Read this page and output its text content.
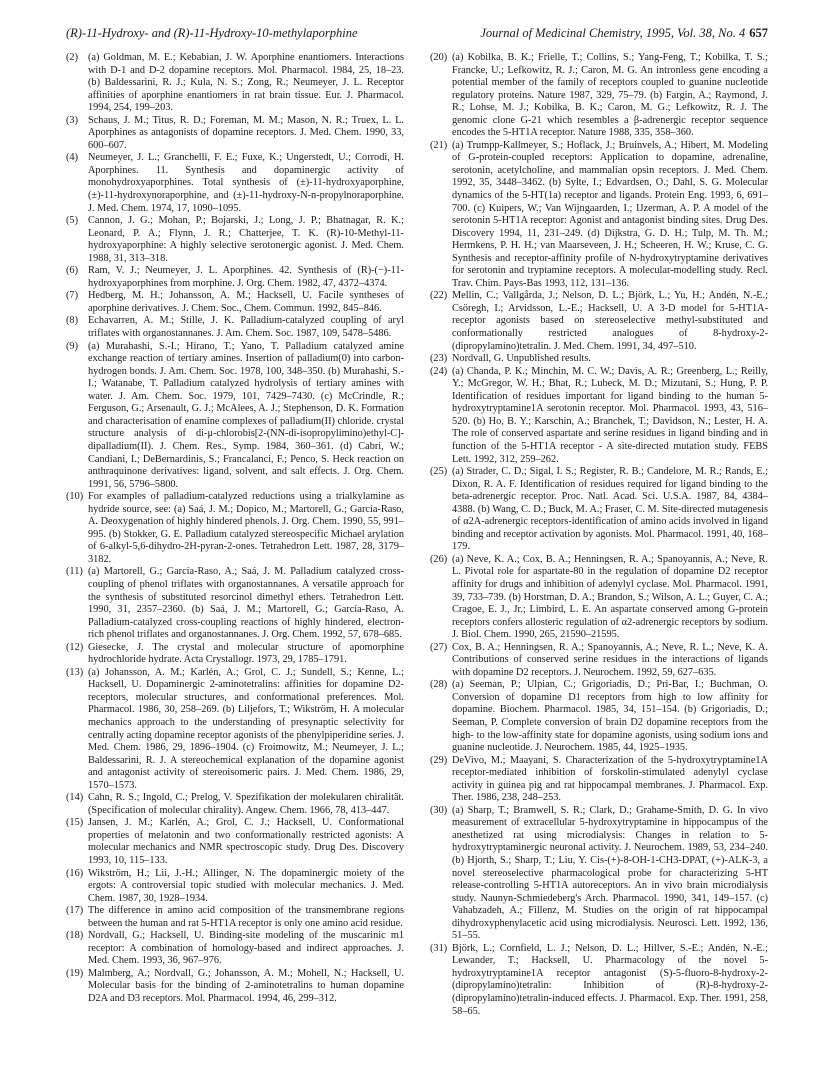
(R)-11-Hydroxy- and (R)-11-Hydroxy-10-methylaporphine	Journal of Medicinal Chemistry, 1995, Vol. 38, No. 4 657

(2) (a) Goldman, M. E.; Kebabian, J. W. Aporphine enantiomers. Interactions with D-1 and D-2 dopamine receptors. Mol. Pharmacol. 1984, 25, 18–23. (b) Baldessarini, R. J.; Kula, N. S.; Zong, R.; Neumeyer, J. L. Receptor affinities of aporphine enantiomers in rat brain tissue. Eur. J. Pharmacol. 1994, 254, 199–203.

(3) Schaus, J. M.; Titus, R. D.; Foreman, M. M.; Mason, N. R.; Truex, L. L. Aporphines as antagonists of dopamine receptors. J. Med. Chem. 1990, 33, 600–607.

(4) Neumeyer, J. L.; Granchelli, F. E.; Fuxe, K.; Ungerstedt, U.; Corrodi, H. Aporphines. 11. Synthesis and dopaminergic activity of monohydroxyaporphines. Total synthesis of (±)-11-hydroxyaporphine, (±)-11-hydroxynoraporphine, and (±)-11-hydroxy-N-n-propylnoraporphine. J. Med. Chem. 1974, 17, 1090–1095.

(5) Cannon, J. G.; Mohan, P.; Bojarski, J.; Long, J. P.; Bhatnagar, R. K.; Leonard, P. A.; Flynn, J. R.; Chatterjee, T. K. (R)-10-Methyl-11-hydroxyaporphine: A highly selective serotonergic agonist. J. Med. Chem. 1988, 31, 313–318.

(6) Ram, V. J.; Neumeyer, J. L. Aporphines. 42. Synthesis of (R)-(−)-11-hydroxyaporphines from morphine. J. Org. Chem. 1982, 47, 4372–4374.

(7) Hedberg, M. H.; Johansson, A. M.; Hacksell, U. Facile syntheses of aporphine derivatives. J. Chem. Soc., Chem. Commun. 1992, 845–846.

(8) Echavarren, A. M.; Stille, J. K. Palladium-catalyzed coupling of aryl triflates with organostannanes. J. Am. Chem. Soc. 1987, 109, 5478–5486.

(9) (a) Murahashi, S.-I.; Hirano, T.; Yano, T. Palladium catalyzed amine exchange reaction of tertiary amines. Insertion of palladium(0) into carbon-hydrogen bonds. J. Am. Chem. Soc. 1978, 100, 348–350. (b) Murahashi, S.-I.; Watanabe, T. Palladium catalyzed hydrolysis of tertiary amines with water. J. Am. Chem. Soc. 1979, 101, 7429–7430. (c) McCrindle, R.; Ferguson, G.; Arsenault, G. J.; McAlees, A. J.; Stephenson, D. K. Formation and characterisation of enamine complexes of palladium(II) chloride. crystal structure analysis of di-μ-chlorobis[2-(NN-di-isopropylimino)ethyl-C]-dipalladium(II). J. Chem. Res., Symp. 1984, 360–361. (d) Cabri, W.; Candiani, I.; DeBernardinis, S.; Francalanci, F.; Penco, S. Heck reaction on anthraquinone derivatives: ligand, solvent, and salt effects. J. Org. Chem. 1991, 56, 5796–5800.

(10) For examples of palladium-catalyzed reductions using a trialkylamine as hydride source, see: (a) Saá, J. M.; Dopico, M.; Martorell, G.; García-Raso, A. Deoxygenation of highly hindered phenols. J. Org. Chem. 1990, 55, 991–995. (b) Stokker, G. E. Palladium catalyzed stereospecific Michael arylation of 6-alkyl-5,6-dihydro-2H-pyran-2-ones. Tetrahedron Lett. 1987, 28, 3179–3182.

(11) (a) Martorell, G.; García-Raso, A.; Saá, J. M. Palladium catalyzed cross-coupling of phenol triflates with organostannanes. A versatile approach for the synthesis of substituted resorcinol dimethyl ethers. Tetrahedron Lett. 1990, 31, 2357–2360. (b) Saá, J. M.; Martorell, G.; García-Raso, A. Palladium-catalyzed cross-coupling reactions of highly hindered, electron-rich phenol triflates and organostannanes. J. Org. Chem. 1992, 57, 678–685.

(12) Giesecke, J. The crystal and molecular structure of apomorphine hydrochloride hydrate. Acta Crystallogr. 1973, 29, 1785–1791.

(13) (a) Johansson, A. M.; Karlén, A.; Grol, C. J.; Sundell, S.; Kenne, L.; Hacksell, U. Dopaminergic 2-aminotetralins: affinities for dopamine D2-receptors, molecular structures, and conformational preferences. Mol. Pharmacol. 1986, 30, 258–269. (b) Liljefors, T.; Wikström, H. A molecular mechanics approach to the understanding of presynaptic selectivity for centrally acting dopamine receptor agonists of the phenylpiperidine series. J. Med. Chem. 1986, 29, 1896–1904. (c) Froimowitz, M.; Neumeyer, J. L.; Baldessarini, R. J. A stereochemical explanation of the dopamine agonist and antagonist activity of stereoisomeric pairs. J. Med. Chem. 1986, 29, 1570–1573.

(14) Cahn, R. S.; Ingold, C.; Prelog, V. Spezifikation der molekularen chiralität. (Specification of molecular chirality). Angew. Chem. 1966, 78, 413–447.

(15) Jansen, J. M.; Karlén, A.; Grol, C. J.; Hacksell, U. Conformational properties of melatonin and two conformationally restricted agonists: A molecular mechanics and NMR spectroscopic study. Drug Des. Discovery 1993, 10, 115–133.

(16) Wikström, H.; Lii, J.-H.; Allinger, N. The dopaminergic moiety of the ergots: A controversial topic studied with molecular mechanics. J. Med. Chem. 1987, 30, 1928–1934.

(17) The difference in amino acid composition of the transmembrane regions between the human and rat 5-HT1A receptor is only one amino acid residue.

(18) Nordvall, G.; Hacksell, U. Binding-site modeling of the muscarinic m1 receptor: A combination of homology-based and indirect approaches. J. Med. Chem. 1993, 36, 967–976.

(19) Malmberg, A.; Nordvall, G.; Johansson, A. M.; Mohell, N.; Hacksell, U. Molecular basis for the binding of 2-aminotetralins to human dopamine D2A and D3 receptors. Mol. Pharmacol. 1994, 46, 299–312.

(20) (a) Kobilka, B. K.; Frielle, T.; Collins, S.; Yang-Feng, T.; Kobilka, T. S.; Francke, U.; Lefkowitz, R. J.; Caron, M. G. An intronless gene encoding a potential member of the family of receptors coupled to guanine nucleotide regulatory proteins. Nature 1987, 329, 75–79. (b) Fargin, A.; Raymond, J. R.; Lohse, M. J.; Kobilka, B. K.; Caron, M. G.; Lefkowitz, R. J. The genomic clone G-21 which resembles a β-adrenergic receptor sequence encodes the 5-HT1A receptor. Nature 1988, 335, 358–360.

(21) (a) Trumpp-Kallmeyer, S.; Hoflack, J.; Bruinvels, A.; Hibert, M. Modeling of G-protein-coupled receptors: Application to dopamine, adrenaline, serotonin, acetylcholine, and mammalian opsin receptors. J. Med. Chem. 1992, 35, 3448–3462. (b) Sylte, I.; Edvardsen, O.; Dahl, S. G. Molecular dynamics of the 5-HT(1a) receptor and ligands. Protein Eng. 1993, 6, 691–700. (c) Kuipers, W.; Van Wijngaarden, I.; IJzerman, A. P. A model of the serotonin 5-HT1A receptor: Agonist and antagonist binding sites. Drug Des. Discovery 1994, 11, 231–249. (d) Dijkstra, G. D. H.; Tulp, M. Th. M.; Hermkens, P. H. H.; van Maarseveen, J. H.; Scheeren, H. W.; Kruse, C. G. Synthesis and receptor-affinity profile of N-hydroxytryptamine derivatives for serotonin and tryptamine receptors. A molecular-modelling study. Recl. Trav. Chim. Pays-Bas 1993, 112, 131–136.

(22) Mellin, C.; Vallgårda, J.; Nelson, D. L.; Björk, L.; Yu, H.; Andén, N.-E.; Csöregh, I.; Arvidsson, L.-E.; Hacksell, U. A 3-D model for 5-HT1A-receptor agonists based on stereoselective methyl-substituted and conformationally restricted analogues of 8-hydroxy-2-(dipropylamino)tetralin. J. Med. Chem. 1991, 34, 497–510.

(23) Nordvall, G. Unpublished results.

(24) (a) Chanda, P. K.; Minchin, M. C. W.; Davis, A. R.; Greenberg, L.; Reilly, Y.; McGregor, W. H.; Bhat, R.; Lubeck, M. D.; Mizutani, S.; Hung, P. P. Identification of residues important for ligand binding to the human 5-hydroxytryptamine1A serotonin receptor. Mol. Pharmacol. 1993, 43, 516–520. (b) Ho, B. Y.; Karschin, A.; Branchek, T.; Davidson, N.; Lester, H. A. The role of conserved aspartate and serine residues in ligand binding and in function of the 5-HT1A receptor - A site-directed mutation study. FEBS Lett. 1992, 312, 259–262.

(25) (a) Strader, C. D.; Sigal, I. S.; Register, R. B.; Candelore, M. R.; Rands, E.; Dixon, R. A. F. Identification of residues required for ligand binding to the beta-adrenergic receptor. Proc. Natl. Acad. Sci. U.S.A. 1987, 84, 4384–4388. (b) Wang, C. D.; Buck, M. A.; Fraser, C. M. Site-directed mutagenesis of α2A-adrenergic receptors-identification of amino acids involved in ligand binding and receptor activation by agonists. Mol. Pharmacol. 1991, 40, 168–179.

(26) (a) Neve, K. A.; Cox, B. A.; Henningsen, R. A.; Spanoyannis, A.; Neve, R. L. Pivotal role for aspartate-80 in the regulation of dopamine D2 receptor affinity for drugs and inhibition of adenylyl cyclase. Mol. Pharmacol. 1991, 39, 733–739. (b) Horstman, D. A.; Brandon, S.; Wilson, A. L.; Guyer, C. A.; Cragoe, E. J., Jr.; Limbird, L. E. An aspartate conserved among G-protein receptors confers allosteric regulation of α2-adrenergic receptors by sodium. J. Biol. Chem. 1990, 265, 21590–21595.

(27) Cox, B. A.; Henningsen, R. A.; Spanoyannis, A.; Neve, R. L.; Neve, K. A. Contributions of conserved serine residues in the interactions of ligands with dopamine D2 receptors. J. Neurochem. 1992, 59, 627–635.

(28) (a) Seeman, P.; Ulpian, C.; Grigoriadis, D.; Pri-Bar, I.; Buchman, O. Conversion of dopamine D1 receptors from high to low affinity for dopamine. Biochem. Pharmacol. 1985, 34, 151–154. (b) Grigoriadis, D.; Seeman, P. Complete conversion of brain D2 dopamine receptors from the high- to the low-affinity state for dopamine agonists, using sodium ions and guanine nucleotide. J. Neurochem. 1985, 44, 1925–1935.

(29) DeVivo, M.; Maayani, S. Characterization of the 5-hydroxytryptamine1A receptor-mediated inhibition of forskolin-stimulated adenylyl cyclase activity in guinea pig and rat hippocampal membranes. J. Pharmacol. Exp. Ther. 1986, 238, 248–253.

(30) (a) Sharp, T.; Bramwell, S. R.; Clark, D.; Grahame-Smith, D. G. In vivo measurement of extracellular 5-hydroxytryptamine in hippocampus of the anesthetized rat using microdialysis: Changes in relation to 5-hydroxytryptaminergic neuronal activity. J. Neurochem. 1989, 53, 234–240. (b) Hjorth, S.; Sharp, T.; Liu, Y. Cis-(+)-8-OH-1-CH3-DPAT, (+)-ALK-3, a novel stereoselective pharmacological probe for characterizing 5-HT release-controlling 5-HT1A autoreceptors. An in vivo brain microdialysis study. Naunyn-Schmiedeberg's Arch. Pharmacol. 1990, 341, 149–157. (c) Vahabzadeh, A.; Fillenz, M. Studies on the origin of rat hippocampal dihydroxyphenylacetic acid using microdialysis. Neurosci. Lett. 1992, 136, 51–55.

(31) Björk, L.; Cornfield, L. J.; Nelson, D. L.; Hillver, S.-E.; Andén, N.-E.; Lewander, T.; Hacksell, U. Pharmacology of the novel 5-hydroxytryptamine1A receptor antagonist (S)-5-fluoro-8-hydroxy-2-(dipropylamino)tetralin: Inhibition of (R)-8-hydroxy-2-(dipropylamino)tetralin-induced effects. J. Pharmacol. Exp. Ther. 1991, 258, 58–65.
